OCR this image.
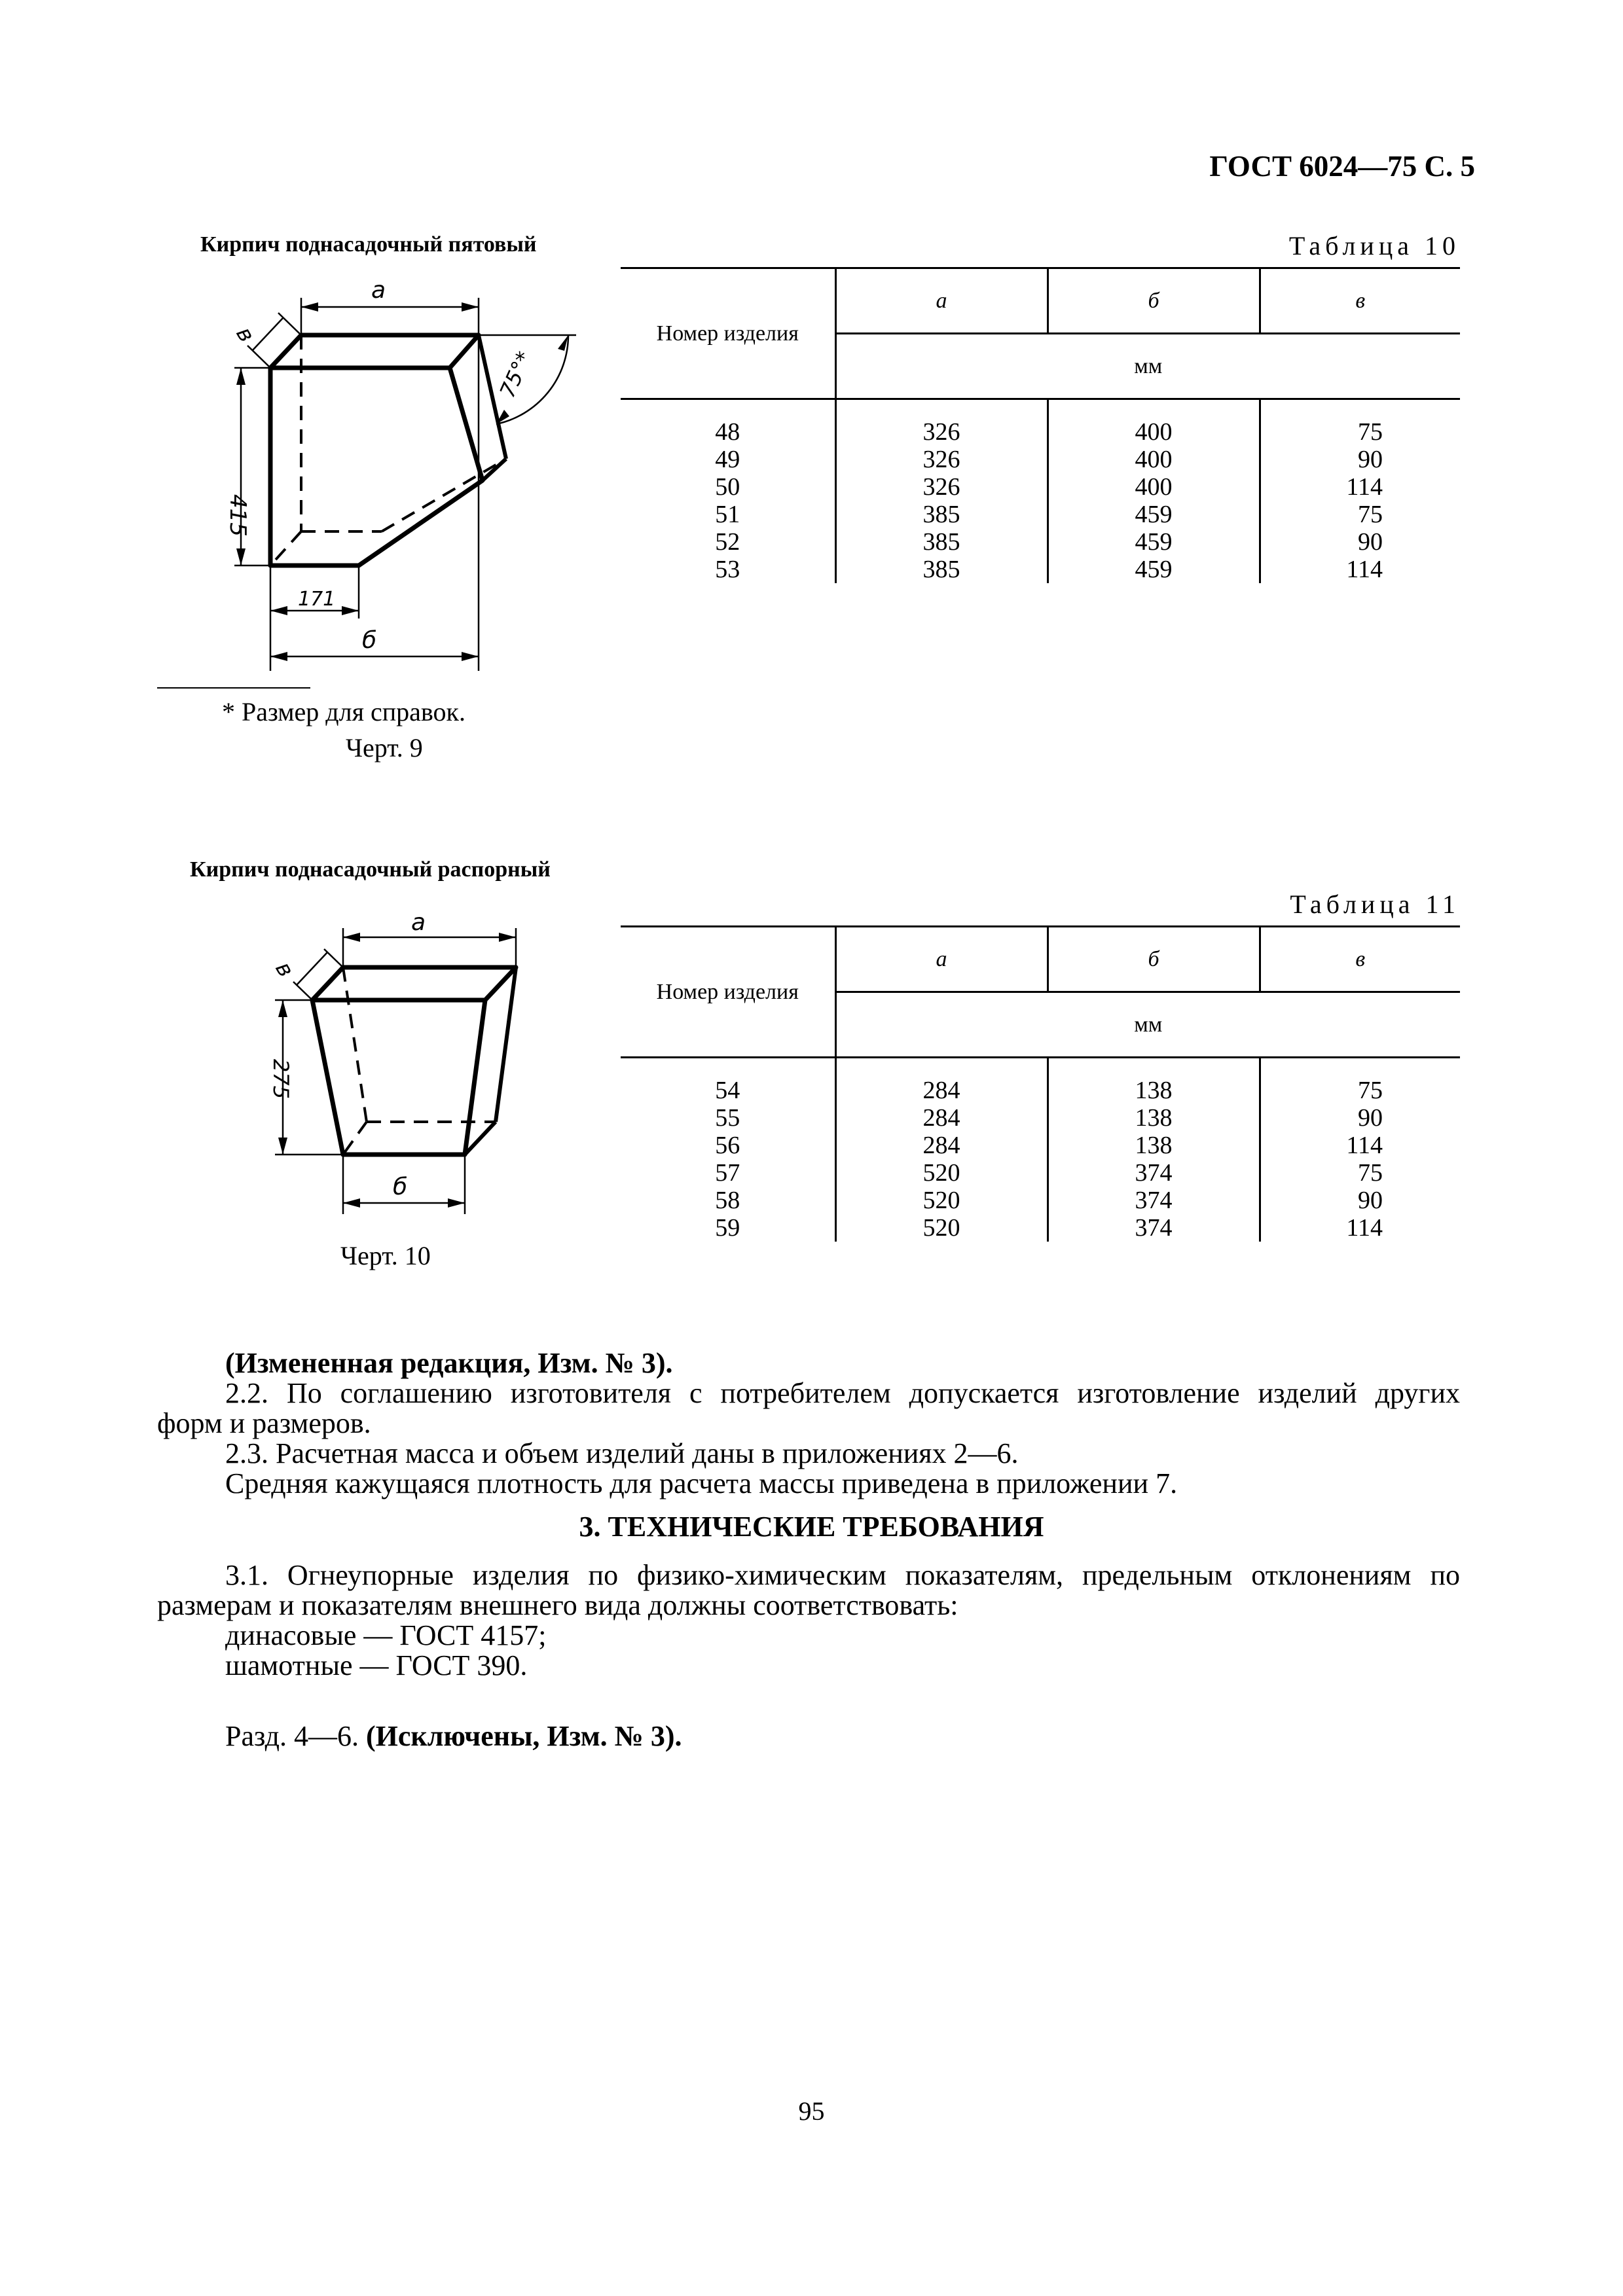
ГОСТ 6024—75 С. 5
Кирпич поднасадочный пятовый
a
б
171
415
в
75°*
* Размер для справок.
Черт. 9
Таблица 10
Номер изделия	а	б	в
	мм		

48	326	400	75
49	326	400	90
50	326	400	114
51	385	459	75
52	385	459	90
53	385	459	114
Кирпич поднасадочный распорный
a
б
275
в
Черт. 10
Таблица 11
Номер изделия	а	б	в
	мм		

54	284	138	75
55	284	138	90
56	284	138	114
57	520	374	75
58	520	374	90
59	520	374	114
(Измененная редакция, Изм. № 3).
2.2. По соглашению изготовителя с потребителем допускается изготовление изделий других
форм и размеров.
2.3. Расчетная масса и объем изделий даны в приложениях 2—6.
Средняя кажущаяся плотность для расчета массы приведена в приложении 7.
3. ТЕХНИЧЕСКИЕ ТРЕБОВАНИЯ
3.1. Огнеупорные изделия по физико-химическим показателям, предельным отклонениям по
размерам и показателям внешнего вида должны соответствовать:
динасовые — ГОСТ 4157;
шамотные — ГОСТ 390.
Разд. 4—6. (Исключены, Изм. № 3).
95
